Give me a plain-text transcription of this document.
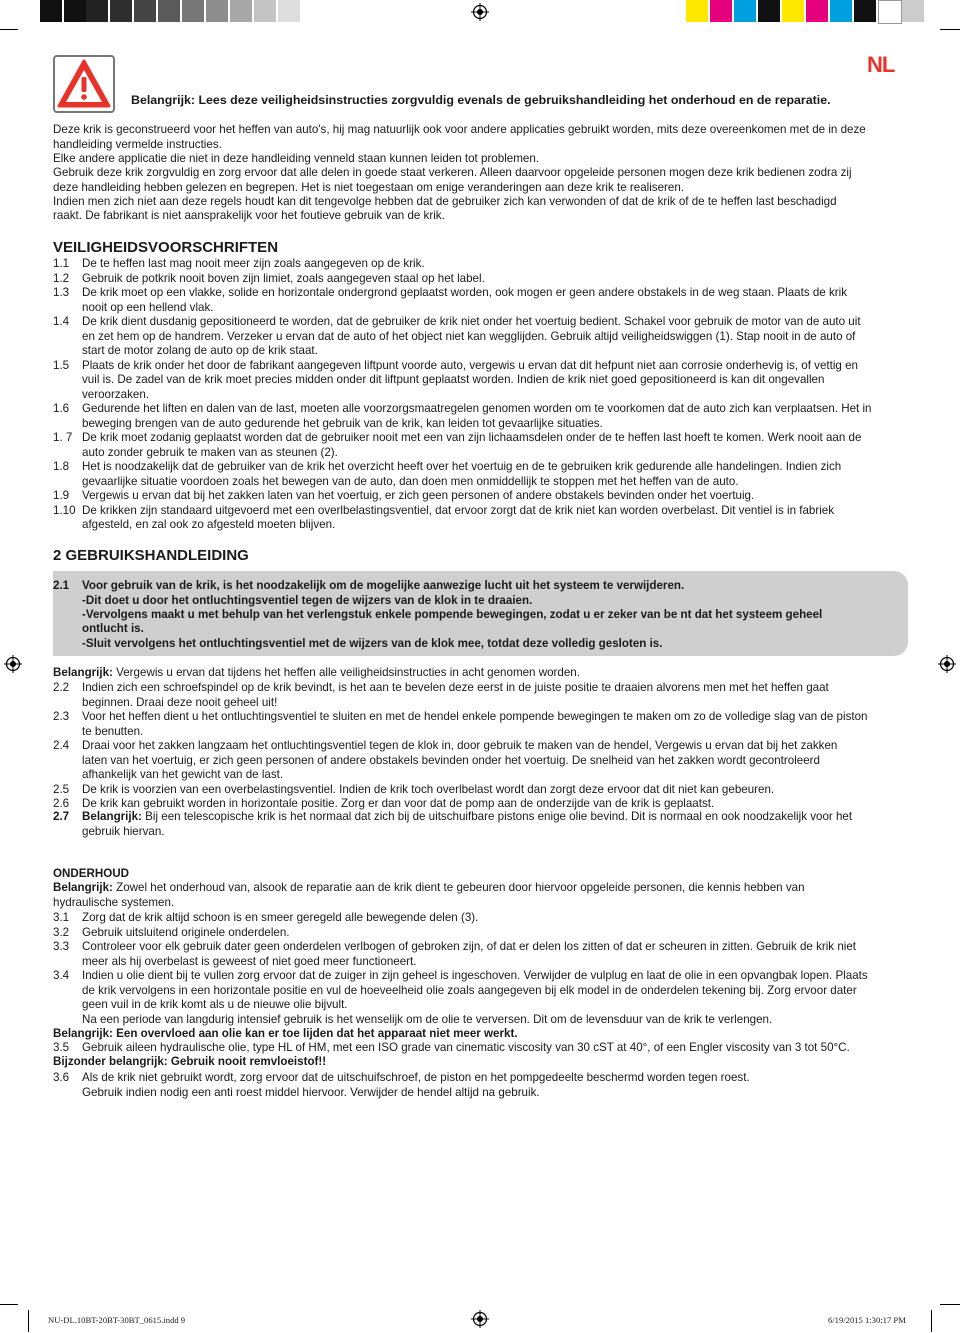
NL
Belangrijk: Lees deze veiligheidsinstructies zorgvuldig evenals de gebruikshandleiding het onderhoud en de reparatie.
Deze krik is geconstrueerd voor het heffen van auto's, hij mag natuurlijk ook voor andere applicaties gebruikt worden, mits deze overeenkomen met de in deze
handleiding vermelde instructies.
Elke andere applicatie die niet in deze handleiding venneld staan kunnen leiden tot problemen.
Gebruik deze krik zorgvuldig en zorg ervoor dat alle delen in goede staat verkeren. Alleen daarvoor opgeleide personen mogen deze krik bedienen zodra zij
deze handleiding hebben gelezen en begrepen. Het is niet toegestaan om enige veranderingen aan deze krik te realiseren.
Indien men zich niet aan deze regels houdt kan dit tengevolge hebben dat de gebruiker zich kan verwonden of dat de krik of de te heffen last beschadigd
raakt. De fabrikant is niet aansprakelijk voor het foutieve gebruik van de krik.
VEILIGHEIDSVOORSCHRIFTEN
1.1 De te heffen last mag nooit meer zijn zoals aangegeven op de krik.
1.2 Gebruik de potkrik nooit boven zijn limiet, zoals aangegeven staal op het label.
1.3 De krik moet op een vlakke, solide en horizontale ondergrond geplaatst worden, ook mogen er geen andere obstakels in de weg staan. Plaats de krik
nooit op een hellend vlak.
1.4 De krik dient dusdanig gepositioneerd te worden, dat de gebruiker de krik niet onder het voertuig bedient. Schakel voor gebruik de motor van de auto uit
en zet hem op de handrem. Verzeker u ervan dat de auto of het object niet kan wegglijden. Gebruik altijd veiligheidswiggen (1). Stap nooit in de auto of
start de motor zolang de auto op de krik staat.
1.5 Plaats de krik onder het door de fabrikant aangegeven liftpunt voorde auto, vergewis u ervan dat dit hefpunt niet aan corrosie onderhevig is, of vettig en
vuil is. De zadel van de krik moet precies midden onder dit liftpunt geplaatst worden. Indien de krik niet goed gepositioneerd is kan dit ongevallen
veroorzaken.
1.6 Gedurende het liften en dalen van de last, moeten alle voorzorgsmaatregelen genomen worden om te voorkomen dat de auto zich kan verplaatsen. Het in
beweging brengen van de auto gedurende het gebruik van de krik, kan leiden tot gevaarlijke situaties.
1. 7 De krik moet zodanig geplaatst worden dat de gebruiker nooit met een van zijn lichaamsdelen onder de te heffen last hoeft te komen. Werk nooit aan de
auto zonder gebruik te maken van as steunen (2).
1.8 Het is noodzakelijk dat de gebruiker van de krik het overzicht heeft over het voertuig en de te gebruiken krik gedurende alle handelingen. Indien zich
gevaarlijke situatie voordoen zoals het bewegen van de auto, dan doen men onmiddellijk te stoppen met het heffen van de auto.
1.9 Vergewis u ervan dat bij het zakken laten van het voertuig, er zich geen personen of andere obstakels bevinden onder het voertuig.
1.10 De krikken zijn standaard uitgevoerd met een overlbelastingsventiel, dat ervoor zorgt dat de krik niet kan worden overbelast. Dit ventiel is in fabriek
afgesteld, en zal ook zo afgesteld moeten blijven.
2 GEBRUIKSHANDLEIDING
2.1 Voor gebruik van de krik, is het noodzakelijk om de mogelijke aanwezige lucht uit het systeem te verwijderen.
-Dit doet u door het ontluchtingsventiel tegen de wijzers van de klok in te draaien.
-Vervolgens maakt u met behulp van het verlengstuk enkele pompende bewegingen, zodat u er zeker van be nt dat het systeem geheel
ontlucht is.
-Sluit vervolgens het ontluchtingsventiel met de wijzers van de klok mee, totdat deze volledig gesloten is.
Belangrijk: Vergewis u ervan dat tijdens het heffen alle veiligheidsinstructies in acht genomen worden.
2.2 Indien zich een schroefspindel op de krik bevindt, is het aan te bevelen deze eerst in de juiste positie te draaien alvorens men met het heffen gaat
beginnen. Draai deze nooit geheel uit!
2.3 Voor het heffen dient u het ontluchtingsventiel te sluiten en met de hendel enkele pompende bewegingen te maken om zo de volledige slag van de piston
te benutten.
2.4 Draai voor het zakken langzaam het ontluchtingsventiel tegen de klok in, door gebruik te maken van de hendel, Vergewis u ervan dat bij het zakken
laten van het voertuig, er zich geen personen of andere obstakels bevinden onder het voertuig. De snelheid van het zakken wordt gecontroleerd
afhankelijk van het gewicht van de last.
2.5 De krik is voorzien van een overbelastingsventiel. Indien de krik toch overlbelast wordt dan zorgt deze ervoor dat dit niet kan gebeuren.
2.6 De krik kan gebruikt worden in horizontale positie. Zorg er dan voor dat de pomp aan de onderzijde van de krik is geplaatst.
2.7 Belangrijk: Bij een telescopische krik is het normaal dat zich bij de uitschuifbare pistons enige olie bevind. Dit is normaal en ook noodzakelijk voor het
gebruik hiervan.
ONDERHOUD
Belangrijk: Zowel het onderhoud van, alsook de reparatie aan de krik dient te gebeuren door hiervoor opgeleide personen, die kennis hebben van
hydraulische systemen.
3.1 Zorg dat de krik altijd schoon is en smeer geregeld alle bewegende delen (3).
3.2 Gebruik uitsluitend originele onderdelen.
3.3 Controleer voor elk gebruik dater geen onderdelen verlbogen of gebroken zijn, of dat er delen los zitten of dat er scheuren in zitten. Gebruik de krik niet
meer als hij overbelast is geweest of niet goed meer functioneert.
3.4 Indien u olie dient bij te vullen zorg ervoor dat de zuiger in zijn geheel is ingeschoven. Verwijder de vulplug en laat de olie in een opvangbak lopen. Plaats
de krik vervolgens in een horizontale positie en vul de hoeveelheid olie zoals aangegeven bij elk model in de onderdelen tekening bij. Zorg ervoor dater
geen vuil in de krik komt als u de nieuwe olie bijvult.
Na een periode van langdurig intensief gebruik is het wenselijk om de olie te verversen. Dit om de levensduur van de krik te verlengen.
Belangrijk: Een overvloed aan olie kan er toe lijden dat het apparaat niet meer werkt.
3.5 Gebruik aileen hydraulische olie, type HL of HM, met een ISO grade van cinematic viscosity van 30 cST at 40°, of een Engler viscosity van 3 tot 50°C.
Bijzonder belangrijk: Gebruik nooit remvloeistof!!
3.6 Als de krik niet gebruikt wordt, zorg ervoor dat de uitschuifschroef, de piston en het pompgedeelte beschermd worden tegen roest.
Gebruik indien nodig een anti roest middel hiervoor. Verwijder de hendel altijd na gebruik.
NU-DL.10BT-20BT-30BT_0615.indd 9	6/19/2015 1:30:17 PM
